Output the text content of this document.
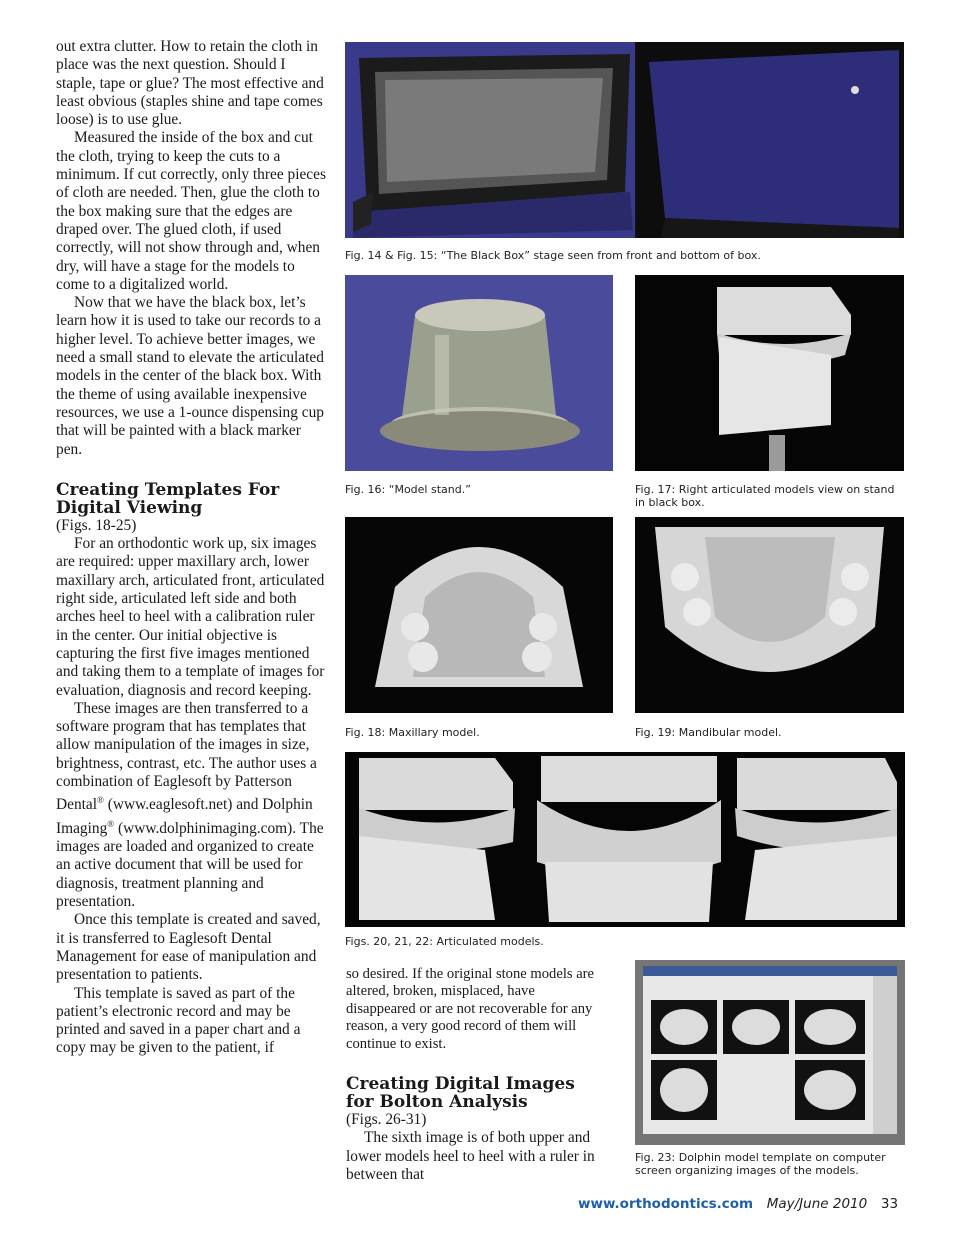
out extra clutter. How to retain the cloth in place was the next question. Should I staple, tape or glue? The most effective and least obvious (staples shine and tape comes loose) is to use glue.

Measured the inside of the box and cut the cloth, trying to keep the cuts to a minimum. If cut correctly, only three pieces of cloth are needed. Then, glue the cloth to the box making sure that the edges are draped over. The glued cloth, if used correctly, will not show through and, when dry, will have a stage for the models to come to a digitalized world.

Now that we have the black box, let’s learn how it is used to take our records to a higher level. To achieve better images, we need a small stand to elevate the articulated models in the center of the black box. With the theme of using available inexpensive resources, we use a 1-ounce dispensing cup that will be painted with a black marker pen.

Creating Templates For Digital Viewing

(Figs. 18-25)

For an orthodontic work up, six images are required: upper maxillary arch, lower maxillary arch, articulated front, articulated right side, articulated left side and both arches heel to heel with a calibration ruler in the center. Our initial objective is capturing the first five images mentioned and taking them to a template of images for evaluation, diagnosis and record keeping.

These images are then transferred to a software program that has templates that allow manipulation of the images in size, brightness, contrast, etc. The author uses a combination of Eaglesoft by Patterson Dental® (www.eaglesoft.net) and Dolphin Imaging® (www.dolphinimaging.com). The images are loaded and organized to create an active document that will be used for diagnosis, treatment planning and presentation.

Once this template is created and saved, it is transferred to Eaglesoft Dental Management for ease of manipulation and presentation to patients.

This template is saved as part of the patient’s electronic record and may be printed and saved in a paper chart and a copy may be given to the patient, if

Fig. 14 & Fig. 15: “The Black Box” stage seen from front and bottom of box.
Fig. 16: “Model stand.”	Fig. 17: Right articulated models view on stand in black box.
Fig. 18: Maxillary model.	Fig. 19: Mandibular model.
Figs. 20, 21, 22: Articulated models.

so desired. If the original stone models are altered, broken, misplaced, have disappeared or are not recoverable for any reason, a very good record of them will continue to exist.

Creating Digital Images for Bolton Analysis

(Figs. 26-31)

The sixth image is of both upper and lower models heel to heel with a ruler in between that

Fig. 23: Dolphin model template on computer screen organizing images of the models.
www.orthodontics.com May/June 2010 33
